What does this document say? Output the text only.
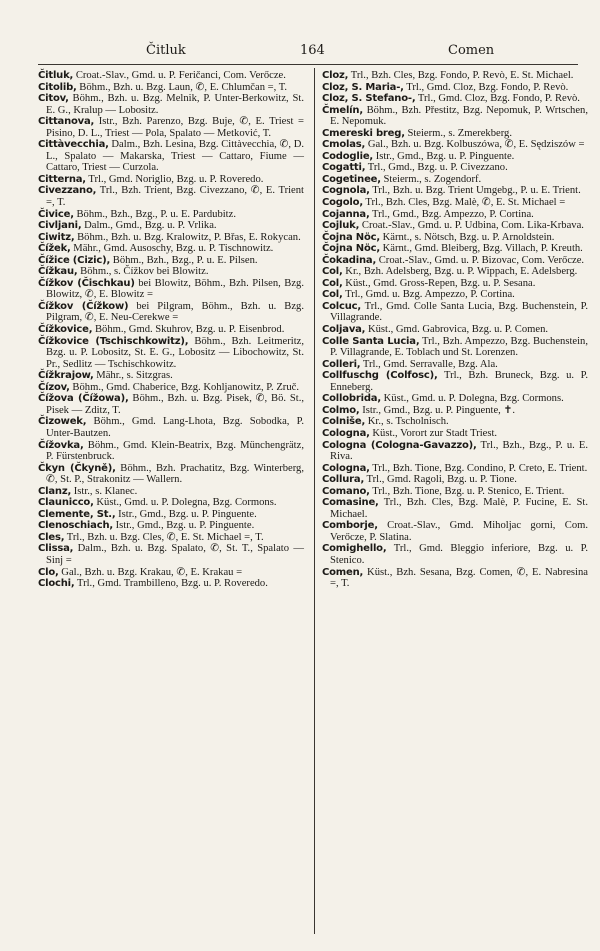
Čitluk	164	Comen

Čitluk, Croat.-Slav., Gmd. u. P. Feričanci, Com. Verőcze.

Citolib, Böhm., Bzh. u. Bzg. Laun, ✆, E. Chlumčan =, T.

Citov, Böhm., Bzh. u. Bzg. Melnik, P. Unter-Berkowitz, St. E. G., Kralup — Lobositz.

Cittanova, Istr., Bzh. Parenzo, Bzg. Buje, ✆, E. Triest = Pisino, D. L., Triest — Pola, Spalato — Metković, T.

Cittàvecchia, Dalm., Bzh. Lesina, Bzg. Cittàvecchia, ✆, D. L., Spalato — Makarska, Triest — Cattaro, Fiume — Cattaro, Triest — Curzola.

Citterna, Trl., Gmd. Noriglio, Bzg. u. P. Roveredo.

Civezzano, Trl., Bzh. Trient, Bzg. Civezzano, ✆, E. Trient =, T.

Čivice, Böhm., Bzh., Bzg., P. u. E. Pardubitz.

Civljani, Dalm., Gmd., Bzg. u. P. Vrlika.

Ciwitz, Böhm., Bzh. u. Bzg. Kralowitz, P. Břas, E. Rokycan.

Čížek, Mähr., Gmd. Ausoschy, Bzg. u. P. Tischnowitz.

Čížice (Cizic), Böhm., Bzh., Bzg., P. u. E. Pilsen.

Čížkau, Böhm., s. Čížkov bei Blowitz.

Čížkov (Čischkau) bei Blowitz, Böhm., Bzh. Pilsen, Bzg. Blowitz, ✆, E. Blowitz =

Čížkov (Čížkow) bei Pilgram, Böhm., Bzh. u. Bzg. Pilgram, ✆, E. Neu-Cerekwe =

Čížkovice, Böhm., Gmd. Skuhrov, Bzg. u. P. Eisenbrod.

Čížkovice (Tschischkowitz), Böhm., Bzh. Leitmeritz, Bzg. u. P. Lobositz, St. E. G., Lobositz — Libochowitz, St. Pr., Sedlitz — Tschischkowitz.

Čížkrajow, Mähr., s. Sitzgras.

Čízov, Böhm., Gmd. Chaberice, Bzg. Kohljanowitz, P. Zruč.

Čížova (Čížowa), Böhm., Bzh. u. Bzg. Pisek, ✆, Bö. St., Pisek — Zditz, T.

Čizowek, Böhm., Gmd. Lang-Lhota, Bzg. Sobodka, P. Unter-Bautzen.

Čížovka, Böhm., Gmd. Klein-Beatrix, Bzg. Münchengrätz, P. Fürstenbruck.

Čkyn (Čkyně), Böhm., Bzh. Prachatitz, Bzg. Winterberg, ✆, St. P., Strakonitz — Wallern.

Clanz, Istr., s. Klanec.

Claunicco, Küst., Gmd. u. P. Dolegna, Bzg. Cormons.

Clemente, St., Istr., Gmd., Bzg. u. P. Pinguente.

Clenoschiach, Istr., Gmd., Bzg. u. P. Pinguente.

Cles, Trl., Bzh. u. Bzg. Cles, ✆, E. St. Michael =, T.

Clissa, Dalm., Bzh. u. Bzg. Spalato, ✆, St. T., Spalato — Sinj =

Clo, Gal., Bzh. u. Bzg. Krakau, ✆, E. Krakau =

Clochi, Trl., Gmd. Trambilleno, Bzg. u. P. Roveredo.

Cloz, Trl., Bzh. Cles, Bzg. Fondo, P. Revò, E. St. Michael.

Cloz, S. Maria-, Trl., Gmd. Cloz, Bzg. Fondo, P. Revò.

Cloz, S. Stefano-, Trl., Gmd. Cloz, Bzg. Fondo, P. Revò.

Čmelín, Böhm., Bzh. Přestitz, Bzg. Nepomuk, P. Wrtschen, E. Nepomuk.

Cmereski breg, Steierm., s. Zmerekberg.

Cmolas, Gal., Bzh. u. Bzg. Kolbuszówa, ✆, E. Sędziszów =

Codoglie, Istr., Gmd., Bzg. u. P. Pinguente.

Cogatti, Trl., Gmd., Bzg. u. P. Civezzano.

Cogetinee, Steierm., s. Zogendorf.

Cognola, Trl., Bzh. u. Bzg. Trient Umgebg., P. u. E. Trient.

Cogolo, Trl., Bzh. Cles, Bzg. Malè, ✆, E. St. Michael =

Cojanna, Trl., Gmd., Bzg. Ampezzo, P. Cortina.

Cojluk, Croat.-Slav., Gmd. u. P. Udbina, Com. Lika-Krbava.

Čojna Nöc, Kärnt., s. Nötsch, Bzg. u. P. Arnoldstein.

Čojna Nöc, Kärnt., Gmd. Bleiberg, Bzg. Villach, P. Kreuth.

Čokadina, Croat.-Slav., Gmd. u. P. Bizovac, Com. Verőcze.

Col, Kr., Bzh. Adelsberg, Bzg. u. P. Wippach, E. Adelsberg.

Col, Küst., Gmd. Gross-Repen, Bzg. u. P. Sesana.

Col, Trl., Gmd. u. Bzg. Ampezzo, P. Cortina.

Colcuc, Trl., Gmd. Colle Santa Lucia, Bzg. Buchenstein, P. Villagrande.

Coljava, Küst., Gmd. Gabrovica, Bzg. u. P. Comen.

Colle Santa Lucia, Trl., Bzh. Ampezzo, Bzg. Buchenstein, P. Villagrande, E. Toblach und St. Lorenzen.

Colleri, Trl., Gmd. Serravalle, Bzg. Ala.

Collfuschg (Colfosc), Trl., Bzh. Bruneck, Bzg. u. P. Enneberg.

Collobrida, Küst., Gmd. u. P. Dolegna, Bzg. Cormons.

Colmo, Istr., Gmd., Bzg. u. P. Pinguente, ✝.

Colniše, Kr., s. Tscholnisch.

Cologna, Küst., Vorort zur Stadt Triest.

Cologna (Cologna-Gavazzo), Trl., Bzh., Bzg., P. u. E. Riva.

Cologna, Trl., Bzh. Tione, Bzg. Condino, P. Creto, E. Trient.

Collura, Trl., Gmd. Ragoli, Bzg. u. P. Tione.

Comano, Trl., Bzh. Tione, Bzg. u. P. Stenico, E. Trient.

Comasine, Trl., Bzh. Cles, Bzg. Malè, P. Fucine, E. St. Michael.

Comborje, Croat.-Slav., Gmd. Miholjac gorni, Com. Verőcze, P. Slatina.

Comighello, Trl., Gmd. Bleggio inferiore, Bzg. u. P. Stenico.

Comen, Küst., Bzh. Sesana, Bzg. Comen, ✆, E. Nabresina =, T.
